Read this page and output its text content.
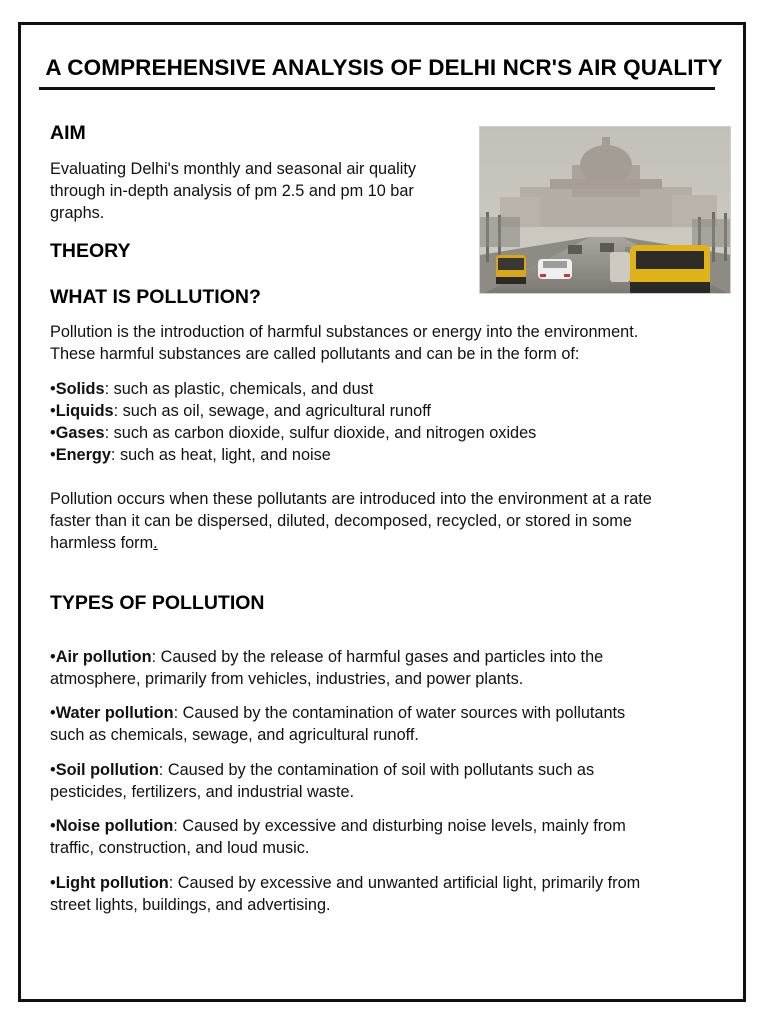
A COMPREHENSIVE ANALYSIS OF DELHI NCR'S AIR QUALITY
AIM
Evaluating Delhi's monthly and seasonal air quality
through in-depth analysis of pm 2.5 and pm 10 bar
graphs.
THEORY
WHAT IS POLLUTION?
Pollution is the introduction of harmful substances or energy into the environment.
These harmful substances are called pollutants and can be in the form of:
•Solids: such as plastic, chemicals, and dust
•Liquids: such as oil, sewage, and agricultural runoff
•Gases: such as carbon dioxide, sulfur dioxide, and nitrogen oxides
•Energy: such as heat, light, and noise
Pollution occurs when these pollutants are introduced into the environment at a rate
faster than it can be dispersed, diluted, decomposed, recycled, or stored in some
harmless form.
TYPES OF POLLUTION
•Air pollution: Caused by the release of harmful gases and particles into the
atmosphere, primarily from vehicles, industries, and power plants.
•Water pollution: Caused by the contamination of water sources with pollutants
such as chemicals, sewage, and agricultural runoff.
•Soil pollution: Caused by the contamination of soil with pollutants such as
pesticides, fertilizers, and industrial waste.
•Noise pollution: Caused by excessive and disturbing noise levels, mainly from
traffic, construction, and loud music.
•Light pollution: Caused by excessive and unwanted artificial light, primarily from
street lights, buildings, and advertising.
